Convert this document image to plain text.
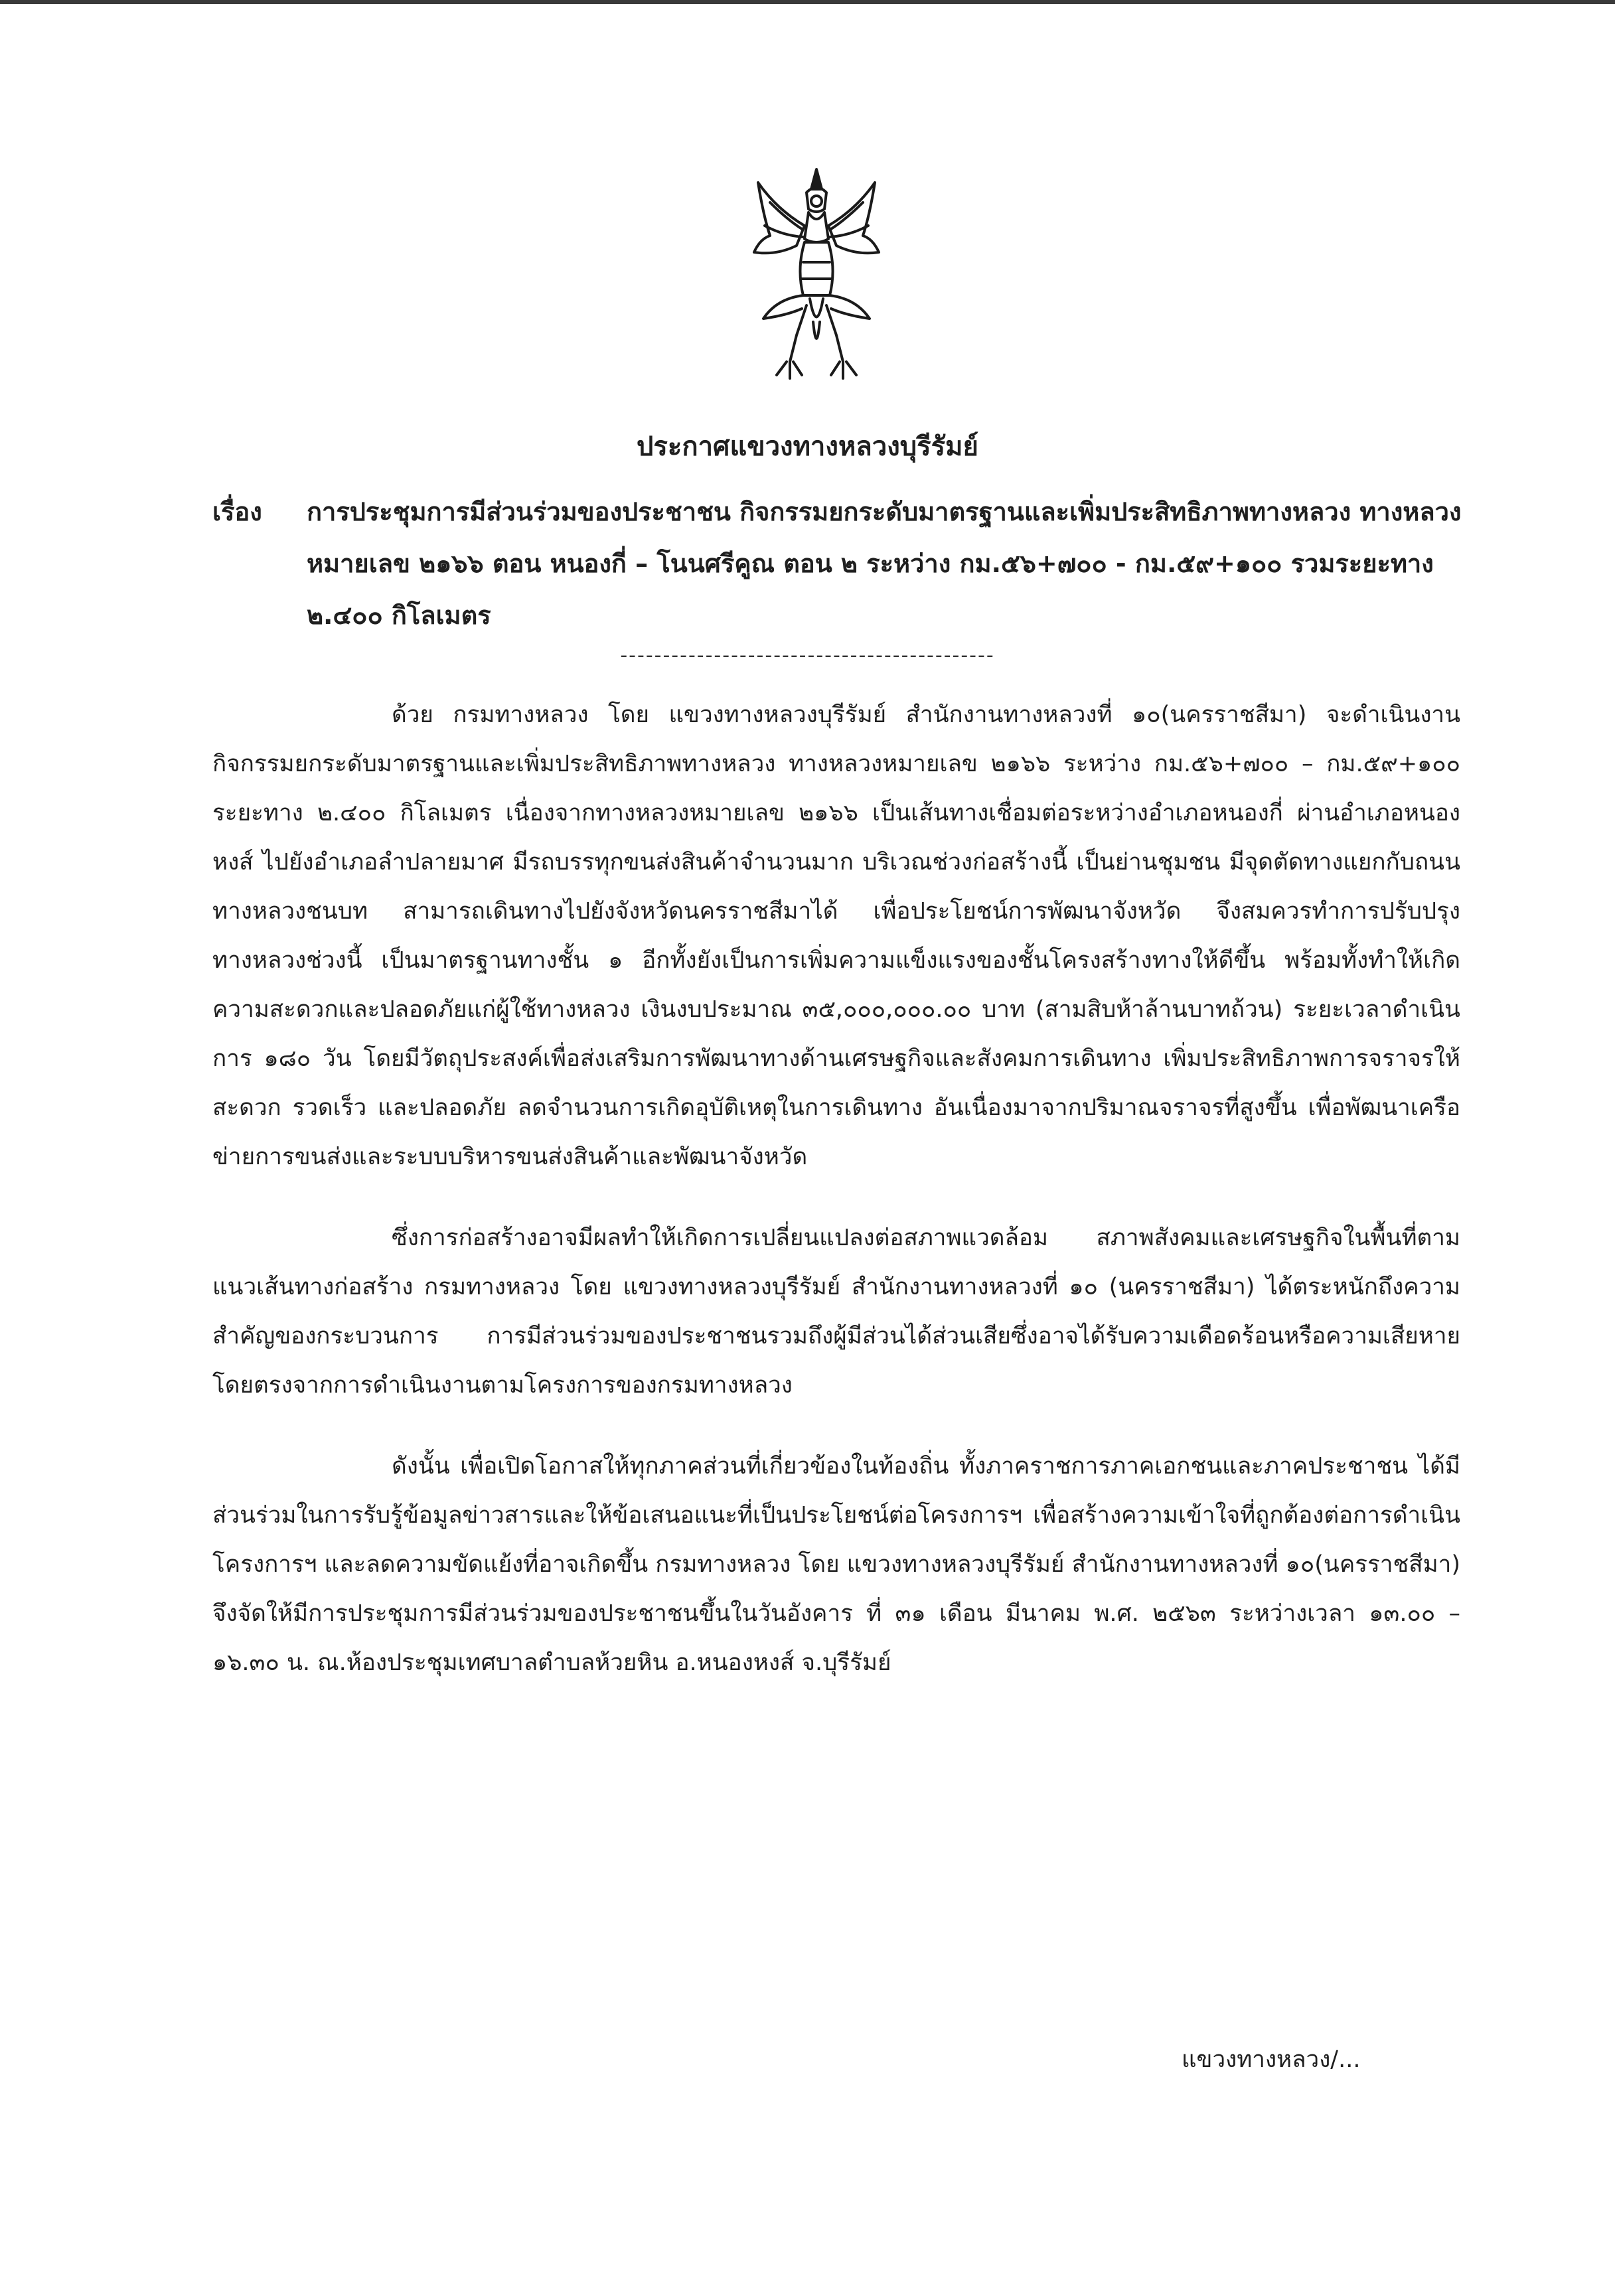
ประกาศแขวงทางหลวงบุรีรัมย์
เรื่อง การประชุมการมีส่วนร่วมของประชาชน กิจกรรมยกระดับมาตรฐานและเพิ่มประสิทธิภาพทางหลวง ทางหลวงหมายเลข ๒๑๖๖ ตอน หนองกี่ – โนนศรีคูณ ตอน ๒ ระหว่าง กม.๕๖+๗๐๐ - กม.๕๙+๑๐๐ รวมระยะทาง ๒.๔๐๐ กิโลเมตร
--------------------------------------------

ด้วย กรมทางหลวง โดย แขวงทางหลวงบุรีรัมย์ สำนักงานทางหลวงที่ ๑๐(นครราชสีมา) จะดำเนินงานกิจกรรมยกระดับมาตรฐานและเพิ่มประสิทธิภาพทางหลวง ทางหลวงหมายเลข ๒๑๖๖ ระหว่าง กม.๕๖+๗๐๐ – กม.๕๙+๑๐๐ ระยะทาง ๒.๔๐๐ กิโลเมตร เนื่องจากทางหลวงหมายเลข ๒๑๖๖ เป็นเส้นทางเชื่อมต่อระหว่างอำเภอหนองกี่ ผ่านอำเภอหนองหงส์ ไปยังอำเภอลำปลายมาศ มีรถบรรทุกขนส่งสินค้าจำนวนมาก บริเวณช่วงก่อสร้างนี้ เป็นย่านชุมชน มีจุดตัดทางแยกกับถนนทางหลวงชนบท สามารถเดินทางไปยังจังหวัดนครราชสีมาได้ เพื่อประโยชน์การพัฒนาจังหวัด จึงสมควรทำการปรับปรุงทางหลวงช่วงนี้ เป็นมาตรฐานทางชั้น ๑ อีกทั้งยังเป็นการเพิ่มความแข็งแรงของชั้นโครงสร้างทางให้ดีขึ้น พร้อมทั้งทำให้เกิดความสะดวกและปลอดภัยแก่ผู้ใช้ทางหลวง เงินงบประมาณ ๓๕,๐๐๐,๐๐๐.๐๐ บาท (สามสิบห้าล้านบาทถ้วน) ระยะเวลาดำเนินการ ๑๘๐ วัน โดยมีวัตถุประสงค์เพื่อส่งเสริมการพัฒนาทางด้านเศรษฐกิจและสังคมการเดินทาง เพิ่มประสิทธิภาพการจราจรให้สะดวก รวดเร็ว และปลอดภัย ลดจำนวนการเกิดอุบัติเหตุในการเดินทาง อันเนื่องมาจากปริมาณจราจรที่สูงขึ้น เพื่อพัฒนาเครือข่ายการขนส่งและระบบบริหารขนส่งสินค้าและพัฒนาจังหวัด

ซึ่งการก่อสร้างอาจมีผลทำให้เกิดการเปลี่ยนแปลงต่อสภาพแวดล้อม สภาพสังคมและเศรษฐกิจในพื้นที่ตามแนวเส้นทางก่อสร้าง กรมทางหลวง โดย แขวงทางหลวงบุรีรัมย์ สำนักงานทางหลวงที่ ๑๐ (นครราชสีมา) ได้ตระหนักถึงความสำคัญของกระบวนการ การมีส่วนร่วมของประชาชนรวมถึงผู้มีส่วนได้ส่วนเสียซึ่งอาจได้รับความเดือดร้อนหรือความเสียหายโดยตรงจากการดำเนินงานตามโครงการของกรมทางหลวง

ดังนั้น เพื่อเปิดโอกาสให้ทุกภาคส่วนที่เกี่ยวข้องในท้องถิ่น ทั้งภาคราชการภาคเอกชนและภาคประชาชน ได้มีส่วนร่วมในการรับรู้ข้อมูลข่าวสารและให้ข้อเสนอแนะที่เป็นประโยชน์ต่อโครงการฯ เพื่อสร้างความเข้าใจที่ถูกต้องต่อการดำเนินโครงการฯ และลดความขัดแย้งที่อาจเกิดขึ้น กรมทางหลวง โดย แขวงทางหลวงบุรีรัมย์ สำนักงานทางหลวงที่ ๑๐(นครราชสีมา) จึงจัดให้มีการประชุมการมีส่วนร่วมของประชาชนขึ้นในวันอังคาร ที่ ๓๑ เดือน มีนาคม พ.ศ. ๒๕๖๓ ระหว่างเวลา ๑๓.๐๐ – ๑๖.๓๐ น. ณ.ห้องประชุมเทศบาลตำบลห้วยหิน อ.หนองหงส์ จ.บุรีรัมย์

แขวงทางหลวง/...
